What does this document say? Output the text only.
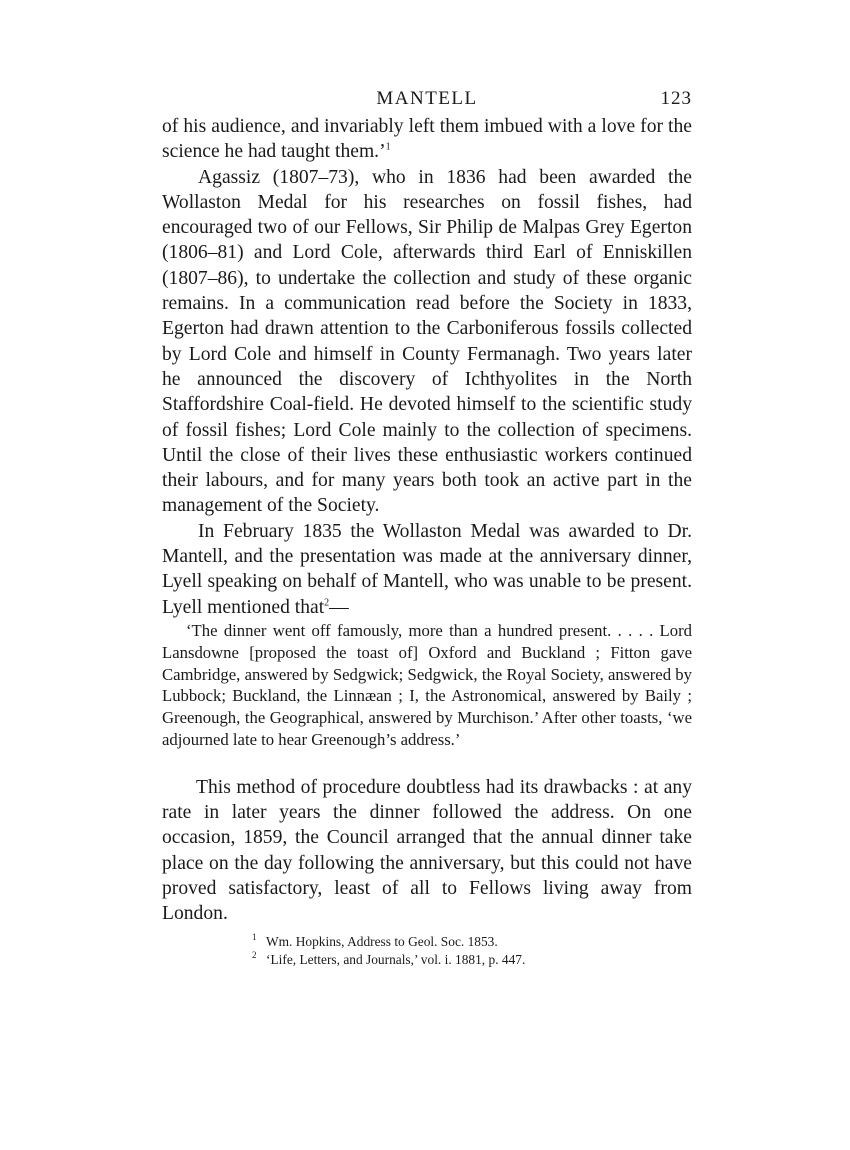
MANTELL	123

of his audience, and invariably left them imbued with a love for the science he had taught them.’$^1$

Agassiz (1807–73), who in 1836 had been awarded the Wollaston Medal for his researches on fossil fishes, had encouraged two of our Fellows, Sir Philip de Malpas Grey Egerton (1806–81) and Lord Cole, afterwards third Earl of Enniskillen (1807–86), to undertake the collection and study of these organic remains. In a communication read before the Society in 1833, Egerton had drawn attention to the Carboniferous fossils collected by Lord Cole and himself in County Fermanagh. Two years later he announced the discovery of Ichthyolites in the North Staffordshire Coal-field. He devoted himself to the scientific study of fossil fishes; Lord Cole mainly to the collection of specimens. Until the close of their lives these enthusiastic workers continued their labours, and for many years both took an active part in the management of the Society.

In February 1835 the Wollaston Medal was awarded to Dr. Mantell, and the presentation was made at the anniversary dinner, Lyell speaking on behalf of Mantell, who was unable to be present. Lyell mentioned that$^2$—

‘The dinner went off famously, more than a hundred present. . . . . Lord Lansdowne [proposed the toast of] Oxford and Buckland ; Fitton gave Cambridge, answered by Sedgwick; Sedgwick, the Royal Society, answered by Lubbock; Buckland, the Linnæan ; I, the Astronomical, answered by Baily ; Greenough, the Geographical, answered by Murchison.’ After other toasts, ‘we adjourned late to hear Greenough’s address.’

This method of procedure doubtless had its drawbacks : at any rate in later years the dinner followed the address. On one occasion, 1859, the Council arranged that the annual dinner take place on the day following the anniversary, but this could not have proved satisfactory, least of all to Fellows living away from London.

1 Wm. Hopkins, Address to Geol. Soc. 1853.
2 ‘Life, Letters, and Journals,’ vol. i. 1881, p. 447.
